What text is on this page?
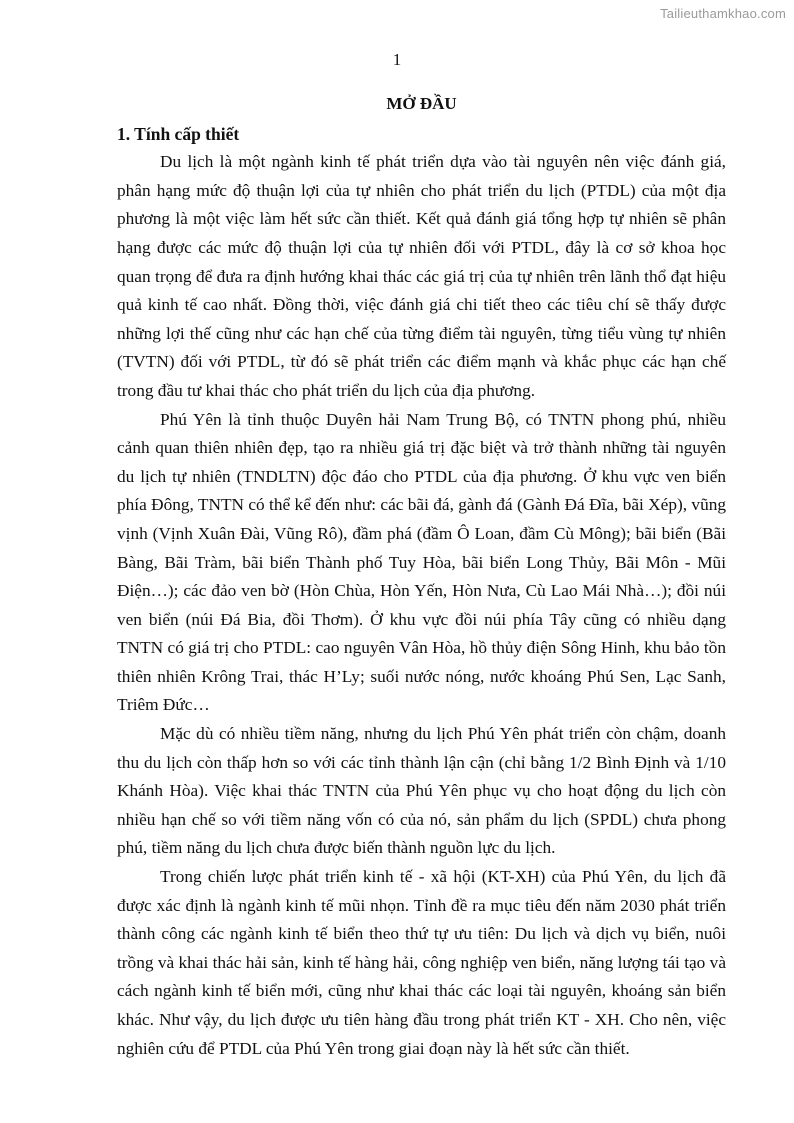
Tailieuthamkhao.com
1
MỞ ĐẦU
1. Tính cấp thiết

Du lịch là một ngành kinh tế phát triển dựa vào tài nguyên nên việc đánh giá, phân hạng mức độ thuận lợi của tự nhiên cho phát triển du lịch (PTDL) của một địa phương là một việc làm hết sức cần thiết. Kết quả đánh giá tổng hợp tự nhiên sẽ phân hạng được các mức độ thuận lợi của tự nhiên đối với PTDL, đây là cơ sở khoa học quan trọng để đưa ra định hướng khai thác các giá trị của tự nhiên trên lãnh thổ đạt hiệu quả kinh tế cao nhất. Đồng thời, việc đánh giá chi tiết theo các tiêu chí sẽ thấy được những lợi thế cũng như các hạn chế của từng điểm tài nguyên, từng tiểu vùng tự nhiên (TVTN) đối với PTDL, từ đó sẽ phát triển các điểm mạnh và khắc phục các hạn chế trong đầu tư khai thác cho phát triển du lịch của địa phương.

Phú Yên là tỉnh thuộc Duyên hải Nam Trung Bộ, có TNTN phong phú, nhiều cảnh quan thiên nhiên đẹp, tạo ra nhiều giá trị đặc biệt và trở thành những tài nguyên du lịch tự nhiên (TNDLTN) độc đáo cho PTDL của địa phương. Ở khu vực ven biển phía Đông, TNTN có thể kể đến như: các bãi đá, gành đá (Gành Đá Đĩa, bãi Xép), vũng vịnh (Vịnh Xuân Đài, Vũng Rô), đầm phá (đầm Ô Loan, đầm Cù Mông); bãi biển (Bãi Bàng, Bãi Tràm, bãi biển Thành phố Tuy Hòa, bãi biển Long Thủy, Bãi Môn - Mũi Điện…); các đảo ven bờ (Hòn Chùa, Hòn Yến, Hòn Nưa, Cù Lao Mái Nhà…); đồi núi ven biển (núi Đá Bia, đồi Thơm). Ở khu vực đồi núi phía Tây cũng có nhiều dạng TNTN có giá trị cho PTDL: cao nguyên Vân Hòa, hồ thủy điện Sông Hinh, khu bảo tồn thiên nhiên Krông Trai, thác H’Ly; suối nước nóng, nước khoáng Phú Sen, Lạc Sanh, Triêm Đức…

Mặc dù có nhiều tiềm năng, nhưng du lịch Phú Yên phát triển còn chậm, doanh thu du lịch còn thấp hơn so với các tỉnh thành lận cận (chỉ bằng 1/2 Bình Định và 1/10 Khánh Hòa). Việc khai thác TNTN của Phú Yên phục vụ cho hoạt động du lịch còn nhiều hạn chế so với tiềm năng vốn có của nó, sản phẩm du lịch (SPDL) chưa phong phú, tiềm năng du lịch chưa được biến thành nguồn lực du lịch.

Trong chiến lược phát triển kinh tế - xã hội (KT-XH) của Phú Yên, du lịch đã được xác định là ngành kinh tế mũi nhọn. Tỉnh đề ra mục tiêu đến năm 2030 phát triển thành công các ngành kinh tế biển theo thứ tự ưu tiên: Du lịch và dịch vụ biển, nuôi trồng và khai thác hải sản, kinh tế hàng hải, công nghiệp ven biển, năng lượng tái tạo và cách ngành kinh tế biển mới, cũng như khai thác các loại tài nguyên, khoáng sản biển khác. Như vậy, du lịch được ưu tiên hàng đầu trong phát triển KT - XH. Cho nên, việc nghiên cứu để PTDL của Phú Yên trong giai đoạn này là hết sức cần thiết.
